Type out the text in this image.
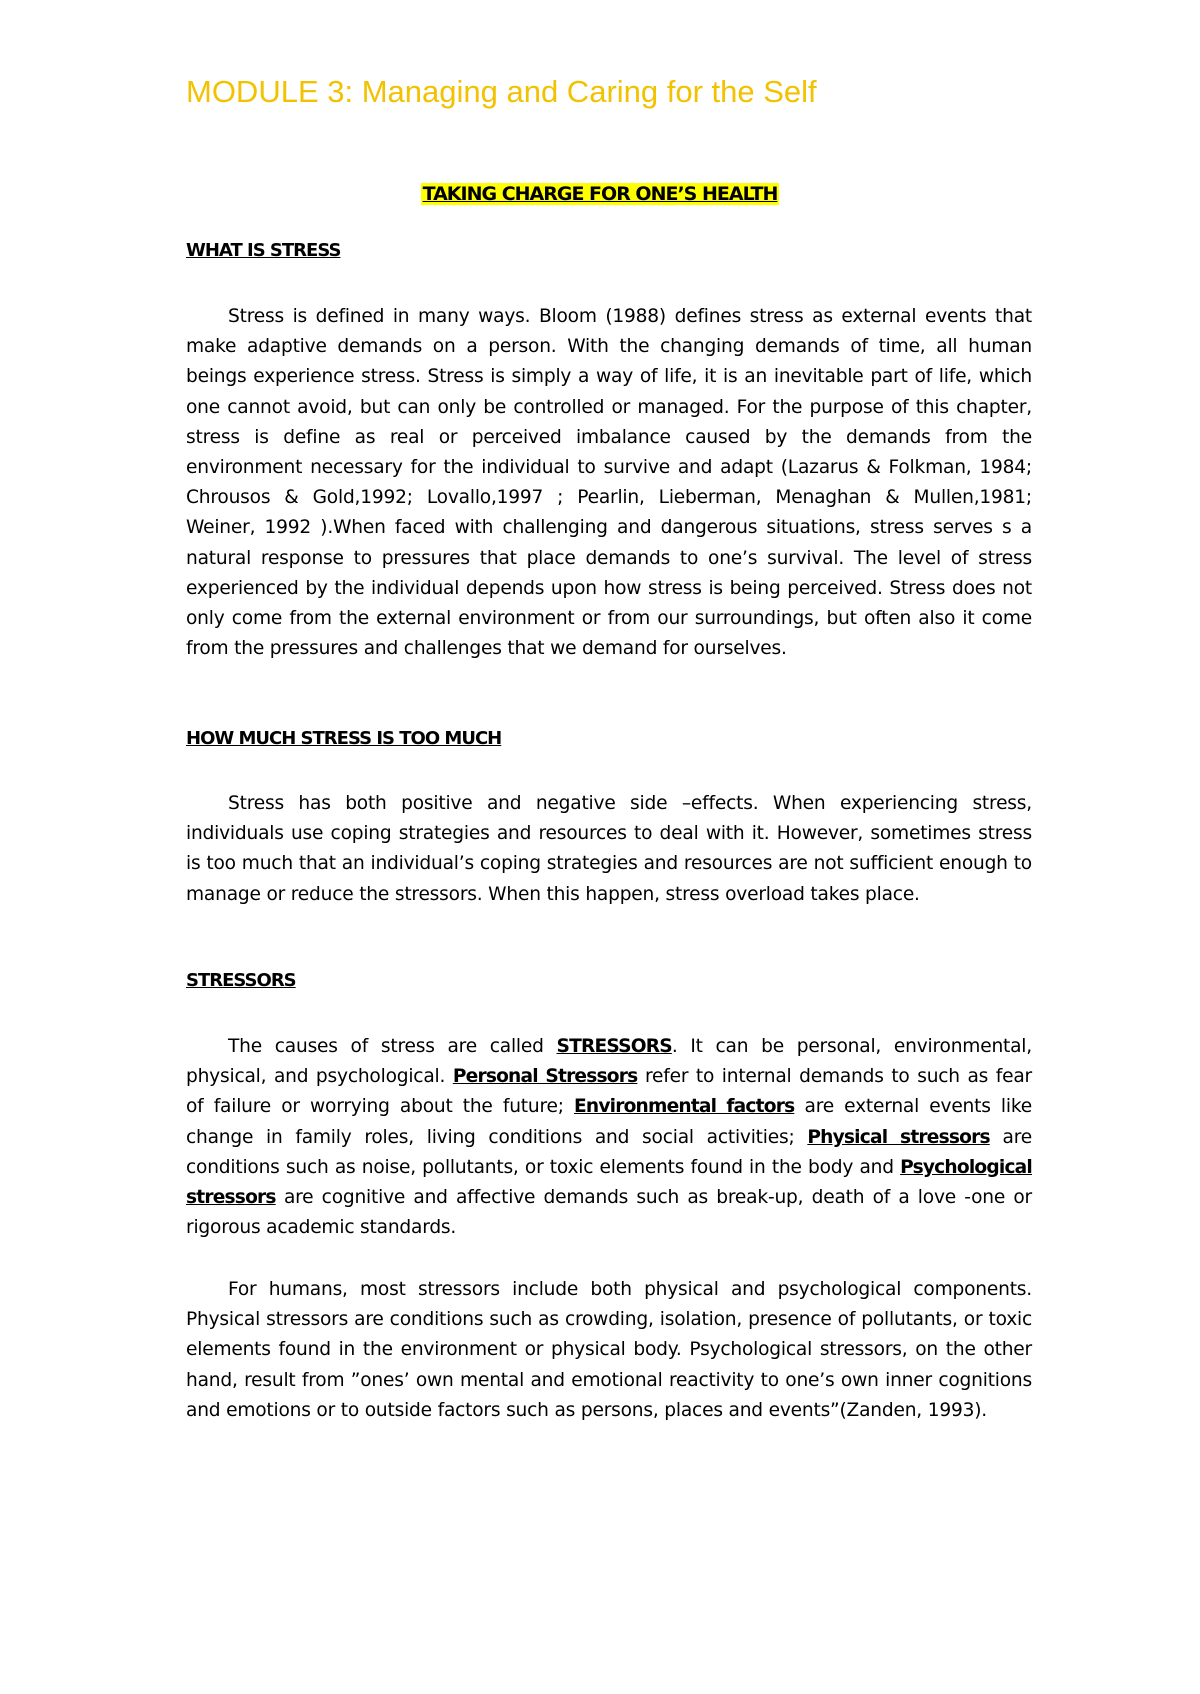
MODULE 3: Managing and Caring for the Self
TAKING CHARGE FOR ONE’S HEALTH
WHAT IS STRESS

Stress is defined in many ways. Bloom (1988) defines stress as external events that make adaptive demands on a person. With the changing demands of time, all human beings experience stress. Stress is simply a way of life, it is an inevitable part of life, which one cannot avoid, but can only be controlled or managed. For the purpose of this chapter, stress is define as real or perceived imbalance caused by the demands from the environment necessary for the individual to survive and adapt (Lazarus & Folkman, 1984; Chrousos & Gold,1992; Lovallo,1997 ; Pearlin, Lieberman, Menaghan & Mullen,1981; Weiner, 1992 ).When faced with challenging and dangerous situations, stress serves s a natural response to pressures that place demands to one’s survival. The level of stress experienced by the individual depends upon how stress is being perceived. Stress does not only come from the external environment or from our surroundings, but often also it come from the pressures and challenges that we demand for ourselves.

HOW MUCH STRESS IS TOO MUCH

Stress has both positive and negative side –effects. When experiencing stress, individuals use coping strategies and resources to deal with it. However, sometimes stress is too much that an individual’s coping strategies and resources are not sufficient enough to manage or reduce the stressors. When this happen, stress overload takes place.

STRESSORS

The causes of stress are called STRESSORS. It can be personal, environmental, physical, and psychological. Personal Stressors refer to internal demands to such as fear of failure or worrying about the future; Environmental factors are external events like change in family roles, living conditions and social activities; Physical stressors are conditions such as noise, pollutants, or toxic elements found in the body and Psychological stressors are cognitive and affective demands such as break-up, death of a love -one or rigorous academic standards.

For humans, most stressors include both physical and psychological components. Physical stressors are conditions such as crowding, isolation, presence of pollutants, or toxic elements found in the environment or physical body. Psychological stressors, on the other hand, result from ”ones’ own mental and emotional reactivity to one’s own inner cognitions and emotions or to outside factors such as persons, places and events”(Zanden, 1993).
